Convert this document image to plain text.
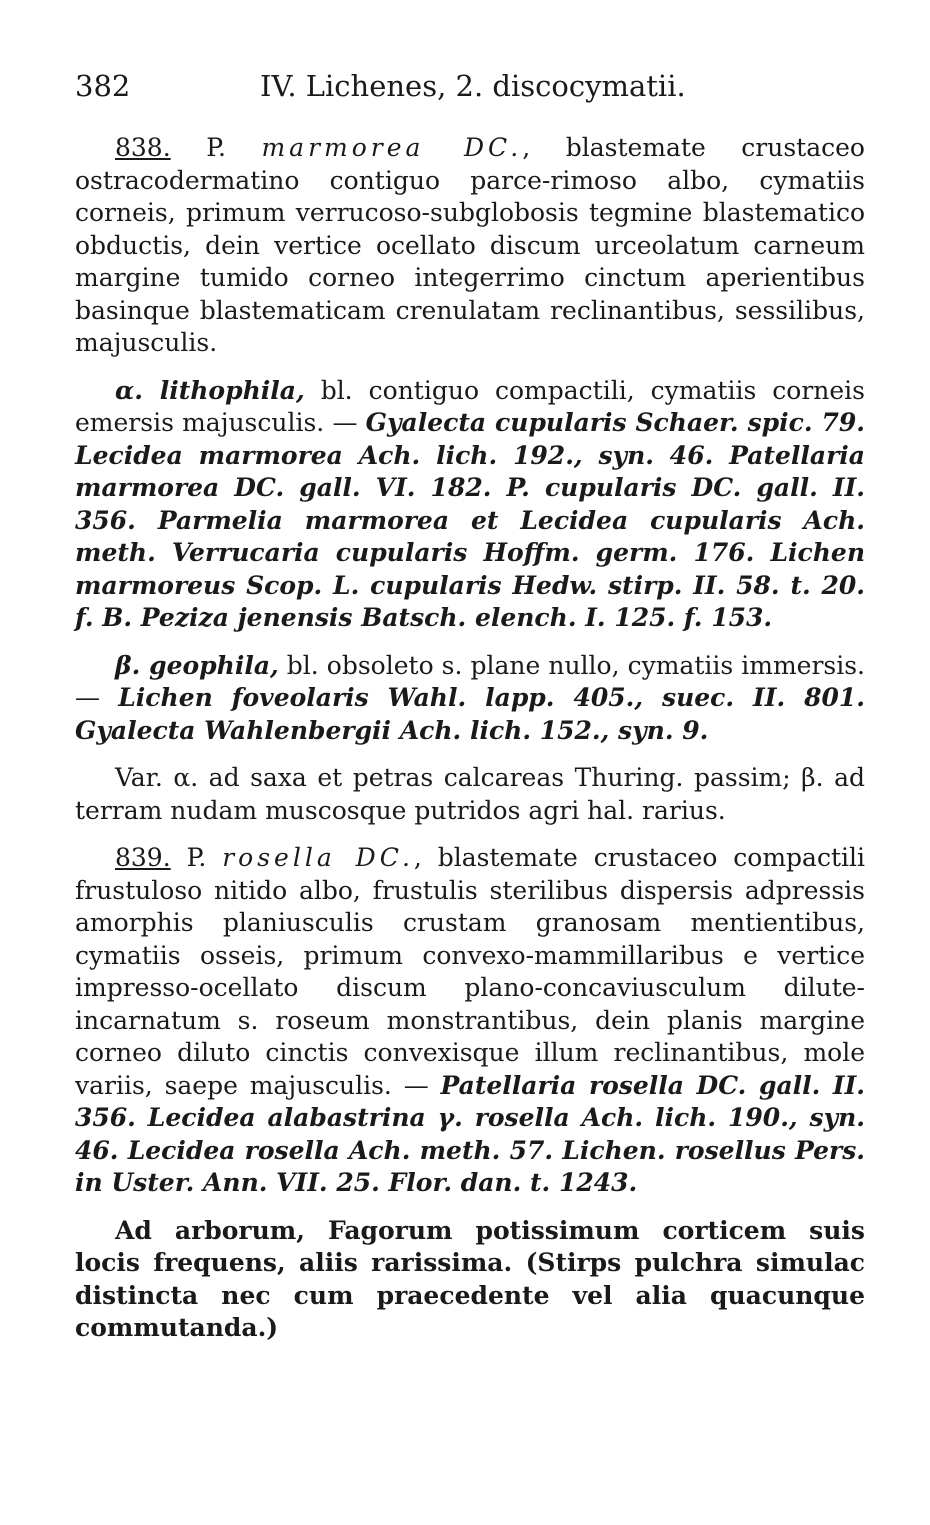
382	IV. Lichenes, 2. discocymatii.

838. P. marmorea DC., blastemate crustaceo ostracodermatino contiguo parce-rimoso albo, cymatiis corneis, primum verrucoso-subglobosis tegmine blastematico obductis, dein vertice ocellato discum urceolatum carneum margine tumido corneo integerrimo cinctum aperientibus basinque blastematicam crenulatam reclinantibus, sessilibus, majusculis.

α. lithophila, bl. contiguo compactili, cymatiis corneis emersis majusculis. — Gyalecta cupularis Schaer. spic. 79. Lecidea marmorea Ach. lich. 192., syn. 46. Patellaria marmorea DC. gall. VI. 182. P. cupularis DC. gall. II. 356. Parmelia marmorea et Lecidea cupularis Ach. meth. Verrucaria cupularis Hoffm. germ. 176. Lichen marmoreus Scop. L. cupularis Hedw. stirp. II. 58. t. 20. f. B. Peziza jenensis Batsch. elench. I. 125. f. 153.

β. geophila, bl. obsoleto s. plane nullo, cymatiis immersis. — Lichen foveolaris Wahl. lapp. 405., suec. II. 801. Gyalecta Wahlenbergii Ach. lich. 152., syn. 9.

Var. α. ad saxa et petras calcareas Thuring. passim; β. ad terram nudam muscosque putridos agri hal. rarius.

839. P. rosella DC., blastemate crustaceo compactili frustuloso nitido albo, frustulis sterilibus dispersis adpressis amorphis planiusculis crustam granosam mentientibus, cymatiis osseis, primum convexo-mammillaribus e vertice impresso-ocellato discum plano-concaviusculum dilute-incarnatum s. roseum monstrantibus, dein planis margine corneo diluto cinctis convexisque illum reclinantibus, mole variis, saepe majusculis. — Patellaria rosella DC. gall. II. 356. Lecidea alabastrina γ. rosella Ach. lich. 190., syn. 46. Lecidea rosella Ach. meth. 57. Lichen. rosellus Pers. in Uster. Ann. VII. 25. Flor. dan. t. 1243.

Ad arborum, Fagorum potissimum corticem suis locis frequens, aliis rarissima. (Stirps pulchra simulac distincta nec cum praecedente vel alia quacunque commutanda.)
